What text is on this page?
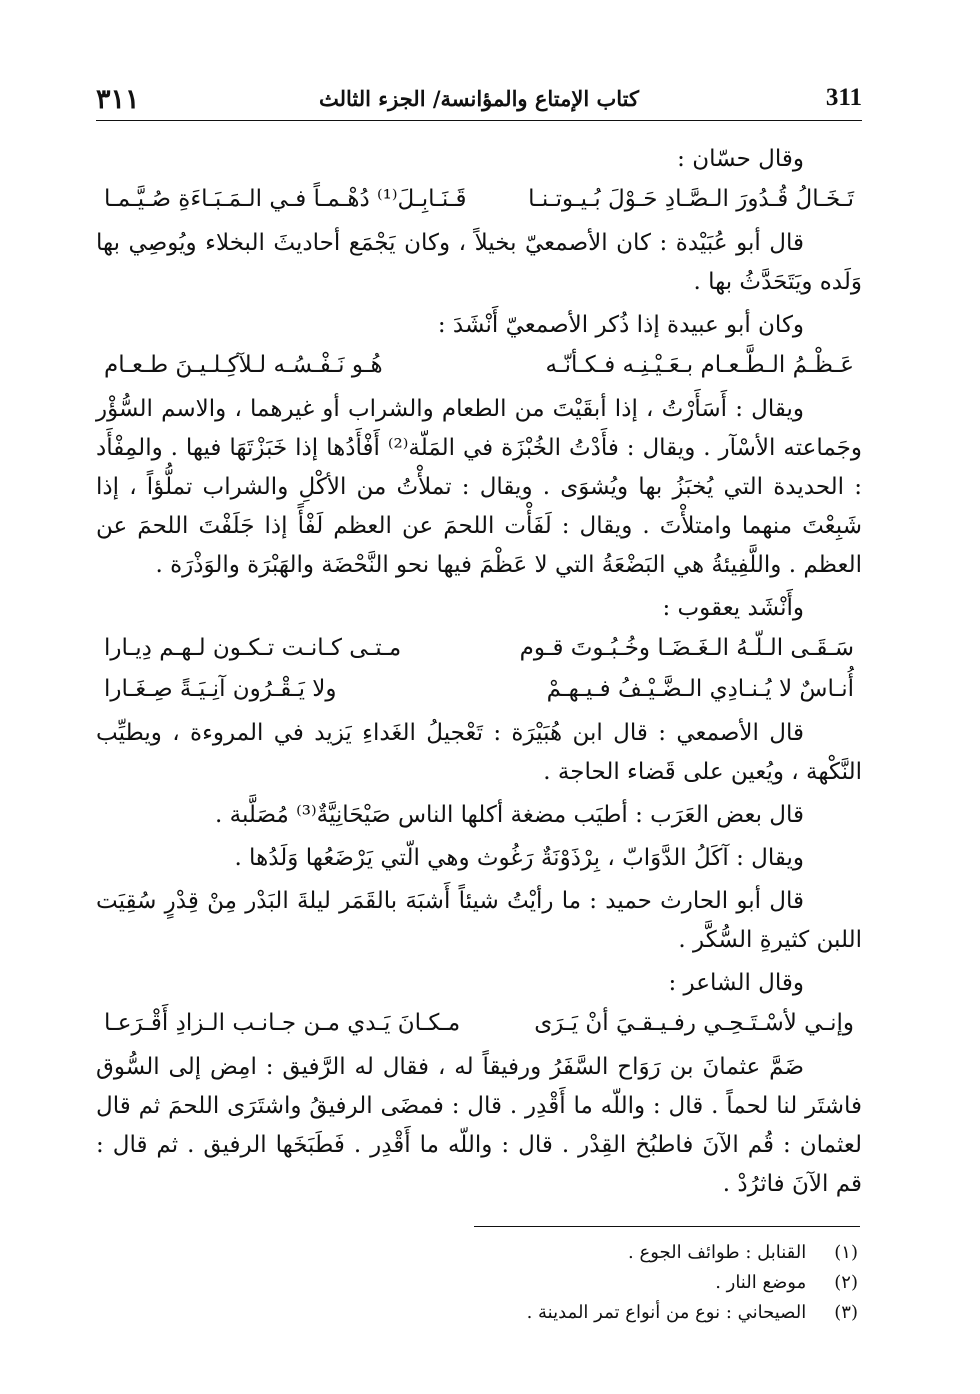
٣١١	كتاب الإمتاع والمؤانسة/ الجزء الثالث	311

وقال حسّان :

تَـخَـالُ قُـدُورَ الـصَّـادِ حَـوْلَ بُـيـوتـنـا
قَـنَـابِـلَ⁽¹⁾ دُهْـمـاً فـي الـمَـبَـاءَةِ صُـيَّـمـا

قال أبو عُبَيْدة : كان الأصمعيّ بخيلاً ، وكان يَجْمَع أحاديثَ البخلاء ويُوصِي بها وَلَده ويَتَحَدَّثُ بها .

وكان أبو عبيدة إذا ذُكر الأصمعيّ أَنْشَدَ :

عَـظْـمُ الـطَّـعـام بـعَـيْـنِـه فـكـأنّـه
هُـو نَـفْـسُـه لـلآكِـلـيـنَ طـعـام

ويقال : أَسَأَرْتُ ، إذا أبقَيْتَ من الطعام والشراب أو غيرهما ، والاسم السُّؤْر وجَماعته الأسْآر . ويقال : فأَدْتُ الخُبْزَة في المَلّة⁽²⁾ أَفْأَدُها إذا خَبَزْتَهَا فيها . والمِفْأَد : الحديدة التي يُخبَزُ بها ويُشوَى . ويقال : تملأْتُ من الأكْلِ والشراب تملُّؤاً ، إذا شَبِعْتَ منهما وامتلأْتَ . ويقال : لَفَأْت اللحمَ عن العظم لَفْأً إذا جَلَفْتَ اللحمَ عن العظم . واللَّفِيئةُ هي البَضْعَةُ التي لا عَظْمَ فيها نحو النَّحْضَة والهَبْرَة والوَذْرَة .

وأَنْشَد يعقوب :

سَـقَـى الـلّـهُ الـغَـضَـا وخُـبُـوتَ قـوم
مـتـى كـانـت تـكـون لـهـم دِيـارا
أُنـاسٌ لا يُـنـادِي الـضَّـيْـفُ فـيـهـمْ
ولا يَـقْـرُون آنِـيَـةً صِـغَـارا

قال الأصمعي : قال ابن هُبَيْرَة : تَعْجيلُ الغَداءِ يَزيد في المروءة ، ويطيِّب النَّكْهة ، ويُعين على قَضاء الحاجة .

قال بعض العَرَب : أطيَب مضغة أكلها الناس صَيْحَانِيَّةٌ⁽³⁾ مُصَلَّبة .

ويقال : آكَلُ الدَّوَابّ ، بِرْذَوْنَةٌ رَغُوث وهي الّتي يَرْضَعُها وَلَدُها .

قال أبو الحارث حميد : ما رأيْتُ شيئاً أَشبَهَ بالقَمَر ليلةَ البَدْر مِنْ قِدْرٍ سُقِيَت اللبن كثيرةِ السُّكَّر .

وقال الشاعر :

وإنـي لأسْـتَـحِـي رفـيـقـيَ أنْ يَـرَى
مـكـانَ يَـدي مـن جـانـب الـزادِ أَقْـرَعـا

ضَمَّ عثمانَ بن رَوَاح السَّفَرُ ورفيقاً له ، فقال له الرَّفيق : امِض إلى السُّوق فاشتَر لنا لحماً . قال : واللّه ما أَقْدِر . قال : فمضَى الرفيقُ واشتَرَى اللحمَ ثم قال لعثمان : قُم الآنَ فاطبُخ القِدْر . قال : واللّه ما أَقْدِر . فَطَبَخَها الرفيق . ثم قال : قم الآنَ فاثرُدْ .

(١) القنابل : طوائف الجوع .
(٢) موضع النار .
(٣) الصيحاني : نوع من أنواع تمر المدينة .
